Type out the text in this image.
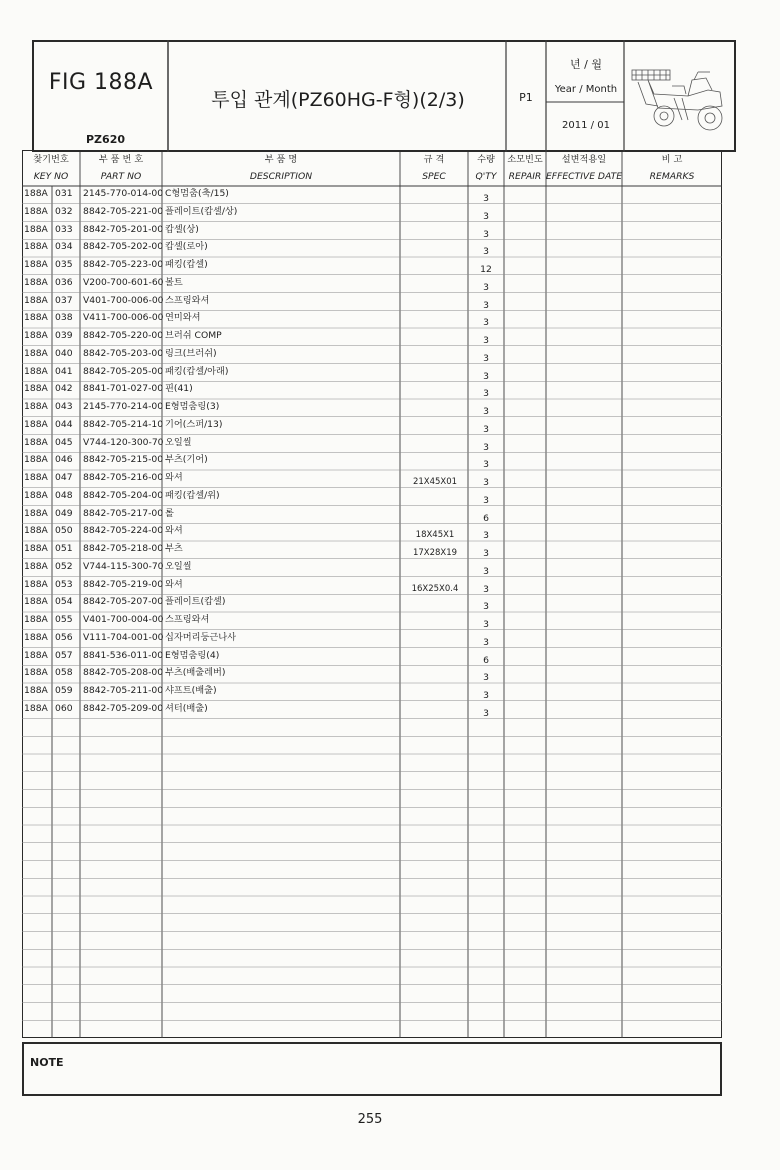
FIG 188A
PZ620
투입 관계(PZ60HG-F형)(2/3)	P1
년 / 월
Year / Month
2011 / 01
찾기번호
KEY NO
부 품 번 호
PART NO
부 품 명
DESCRIPTION
규 격
SPEC
수량
Q'TY
소모빈도
REPAIR
설변적용일
EFFECTIVE DATE
비 고
REMARKS
188A 031 2145-770-014-00 C형멈춤(축/15)	3
188A 032 8842-705-221-00 플레이트(캅셀/상)	3
188A 033 8842-705-201-00 캅셀(상)	3
188A 034 8842-705-202-00 캅셀(로아)	3
188A 035 8842-705-223-00 패킹(캅셀)	12
188A 036 V200-700-601-60 볼트	3
188A 037 V401-700-006-00 스프링와셔	3
188A 038 V411-700-006-00 연미와셔	3
188A 039 8842-705-220-00 브러쉬 COMP	3
188A 040 8842-705-203-00 링크(브러쉬)	3
188A 041 8842-705-205-00 패킹(캅셀/아래)	3
188A 042 8841-701-027-00 핀(41)	3
188A 043 2145-770-214-00 E형멈춤링(3)	3
188A 044 8842-705-214-10 기어(스퍼/13)	3
188A 045 V744-120-300-70 오일씰	3
188A 046 8842-705-215-00 부츠(기어)	3
188A 047 8842-705-216-00 와셔	21X45X01	3
188A 048 8842-705-204-00 패킹(캅셀/위)	3
188A 049 8842-705-217-00 롤	6
188A 050 8842-705-224-00 와셔	18X45X1	3
188A 051 8842-705-218-00 부츠	17X28X19	3
188A 052 V744-115-300-70 오일씰	3
188A 053 8842-705-219-00 와셔	16X25X0.4	3
188A 054 8842-705-207-00 플레이트(캅셀)	3
188A 055 V401-700-004-00 스프링와셔	3
188A 056 V111-704-001-00 십자머리둥근나사	3
188A 057 8841-536-011-00 E형멈춤링(4)	6
188A 058 8842-705-208-00 부츠(배출레버)	3
188A 059 8842-705-211-00 샤프트(배출)	3
188A 060 8842-705-209-00 셔터(배출)	3
NOTE
255
